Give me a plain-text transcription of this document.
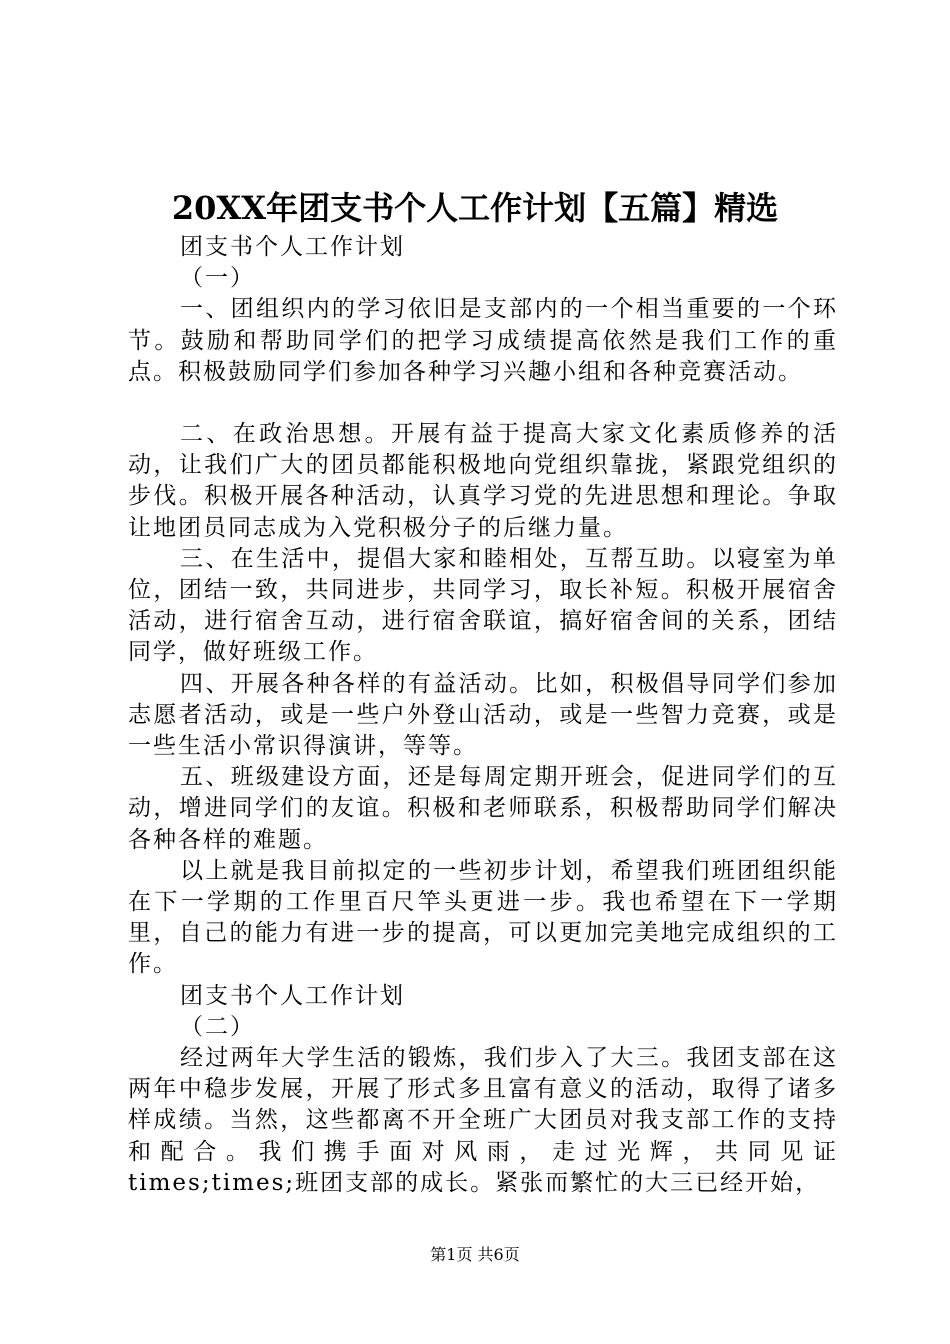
20XX年团支书个人工作计划【五篇】精选

团支书个人工作计划

（一）

一、团组织内的学习依旧是支部内的一个相当重要的一个环节。鼓励和帮助同学们的把学习成绩提高依然是我们工作的重点。积极鼓励同学们参加各种学习兴趣小组和各种竞赛活动。

二、在政治思想。开展有益于提高大家文化素质修养的活动，让我们广大的团员都能积极地向党组织靠拢，紧跟党组织的步伐。积极开展各种活动，认真学习党的先进思想和理论。争取让地团员同志成为入党积极分子的后继力量。

三、在生活中，提倡大家和睦相处，互帮互助。以寝室为单位，团结一致，共同进步，共同学习，取长补短。积极开展宿舍活动，进行宿舍互动，进行宿舍联谊，搞好宿舍间的关系，团结同学，做好班级工作。

四、开展各种各样的有益活动。比如，积极倡导同学们参加志愿者活动，或是一些户外登山活动，或是一些智力竞赛，或是一些生活小常识得演讲，等等。

五、班级建设方面，还是每周定期开班会，促进同学们的互动，增进同学们的友谊。积极和老师联系，积极帮助同学们解决各种各样的难题。

以上就是我目前拟定的一些初步计划，希望我们班团组织能在下一学期的工作里百尺竿头更进一步。我也希望在下一学期里，自己的能力有进一步的提高，可以更加完美地完成组织的工作。

团支书个人工作计划

（二）

经过两年大学生活的锻炼，我们步入了大三。我团支部在这两年中稳步发展，开展了形式多且富有意义的活动，取得了诸多样成绩。当然，这些都离不开全班广大团员对我支部工作的支持和配合。我们携手面对风雨，走过光辉，共同见证times;times;班团支部的成长。紧张而繁忙的大三已经开始，

第1页 共6页
